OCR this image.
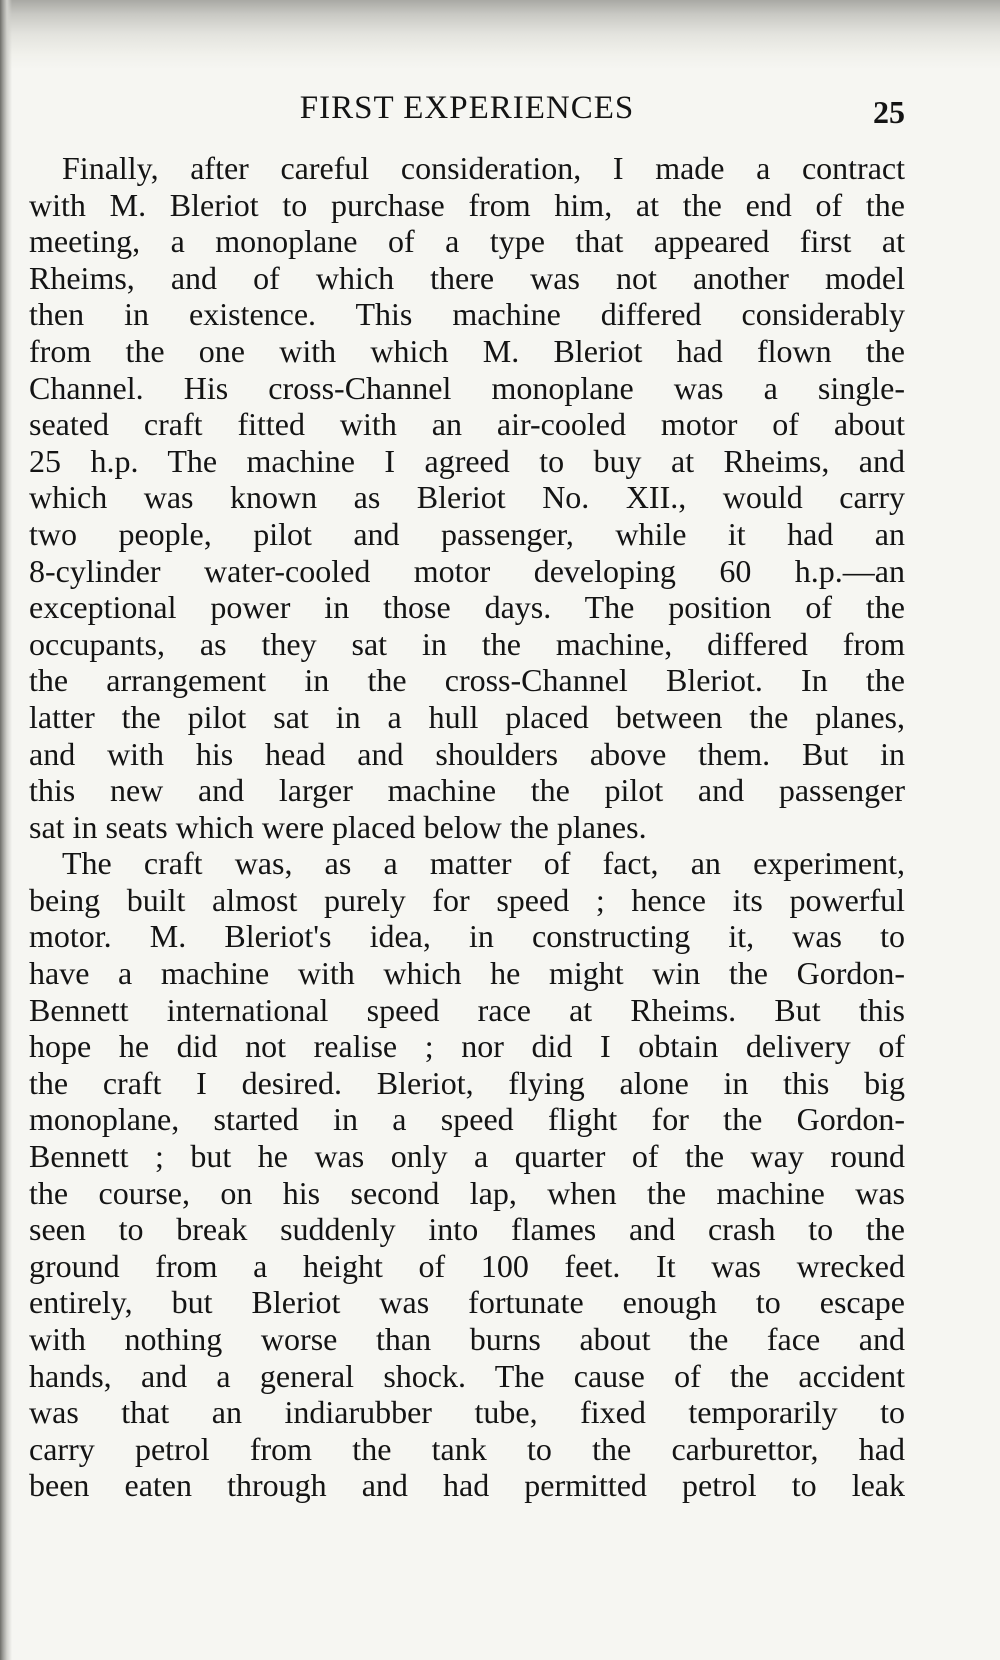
FIRST EXPERIENCES	25
Finally, after careful consideration, I made a contract
with M. Bleriot to purchase from him, at the end of the
meeting, a monoplane of a type that appeared first at
Rheims, and of which there was not another model
then in existence. This machine differed considerably
from the one with which M. Bleriot had flown the
Channel. His cross-Channel monoplane was a single-
seated craft fitted with an air-cooled motor of about
25 h.p. The machine I agreed to buy at Rheims, and
which was known as Bleriot No. XII., would carry
two people, pilot and passenger, while it had an
8-cylinder water-cooled motor developing 60 h.p.—an
exceptional power in those days. The position of the
occupants, as they sat in the machine, differed from
the arrangement in the cross-Channel Bleriot. In the
latter the pilot sat in a hull placed between the planes,
and with his head and shoulders above them. But in
this new and larger machine the pilot and passenger
sat in seats which were placed below the planes.
The craft was, as a matter of fact, an experiment,
being built almost purely for speed ; hence its powerful
motor. M. Bleriot's idea, in constructing it, was to
have a machine with which he might win the Gordon-
Bennett international speed race at Rheims. But this
hope he did not realise ; nor did I obtain delivery of
the craft I desired. Bleriot, flying alone in this big
monoplane, started in a speed flight for the Gordon-
Bennett ; but he was only a quarter of the way round
the course, on his second lap, when the machine was
seen to break suddenly into flames and crash to the
ground from a height of 100 feet. It was wrecked
entirely, but Bleriot was fortunate enough to escape
with nothing worse than burns about the face and
hands, and a general shock. The cause of the accident
was that an indiarubber tube, fixed temporarily to
carry petrol from the tank to the carburettor, had
been eaten through and had permitted petrol to leak
